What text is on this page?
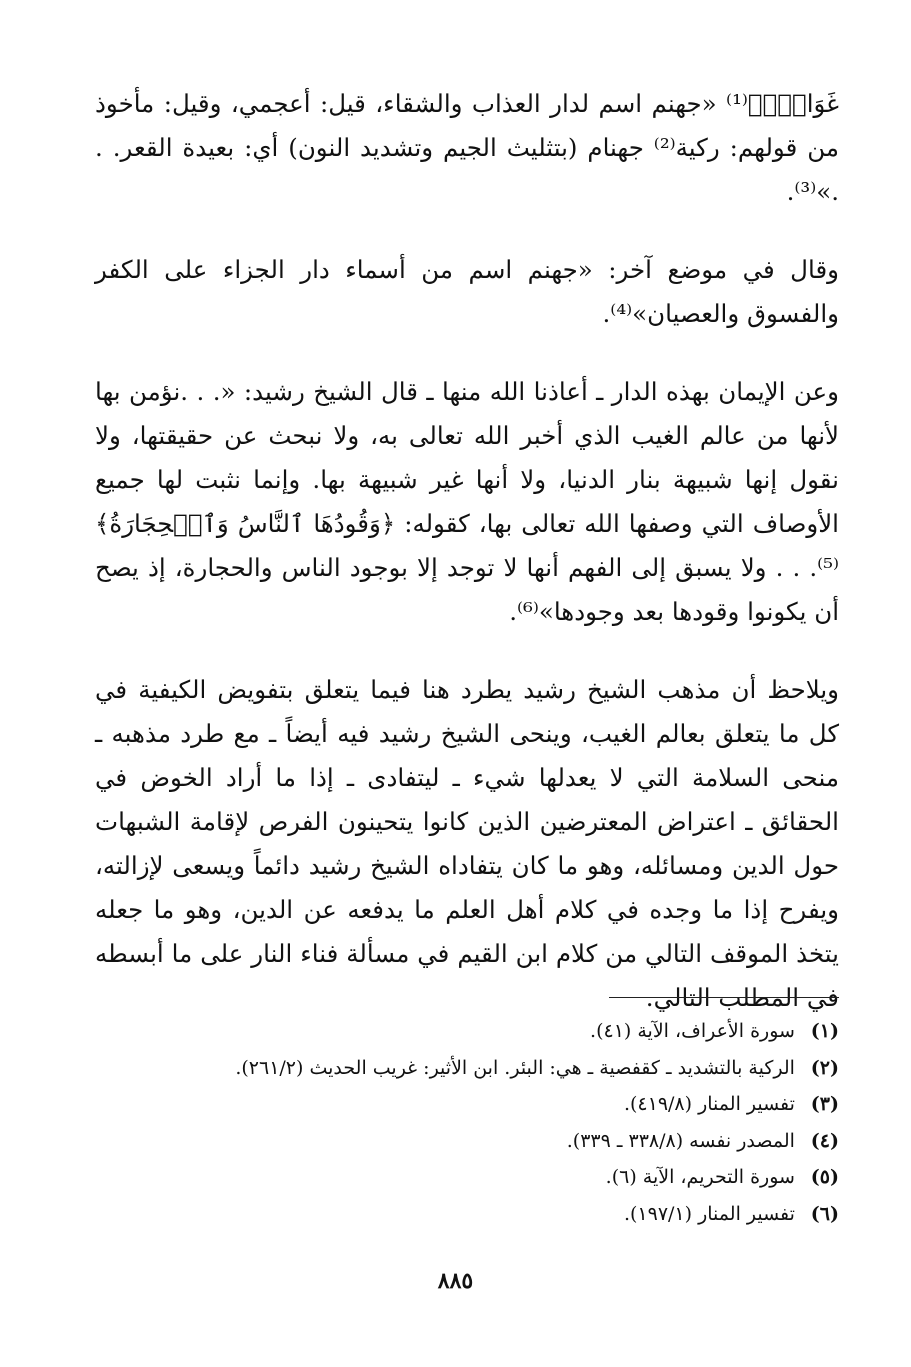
غَوَاشٍۚ﴾⁽¹⁾ «جهنم اسم لدار العذاب والشقاء، قيل: أعجمي، وقيل: مأخوذ من قولهم: ركية⁽²⁾ جهنام (بتثليث الجيم وتشديد النون) أي: بعيدة القعر. . .»⁽³⁾.

وقال في موضع آخر: «جهنم اسم من أسماء دار الجزاء على الكفر والفسوق والعصيان»⁽⁴⁾.

وعن الإيمان بهذه الدار ـ أعاذنا الله منها ـ قال الشيخ رشيد: «. . .نؤمن بها لأنها من عالم الغيب الذي أخبر الله تعالى به، ولا نبحث عن حقيقتها، ولا نقول إنها شبيهة بنار الدنيا، ولا أنها غير شبيهة بها. وإنما نثبت لها جميع الأوصاف التي وصفها الله تعالى بها، كقوله: ﴿وَقُودُهَا ٱلنَّاسُ وَٱلۡحِجَارَةُ﴾⁽⁵⁾. . . ولا يسبق إلى الفهم أنها لا توجد إلا بوجود الناس والحجارة، إذ يصح أن يكونوا وقودها بعد وجودها»⁽⁶⁾.

ويلاحظ أن مذهب الشيخ رشيد يطرد هنا فيما يتعلق بتفويض الكيفية في كل ما يتعلق بعالم الغيب، وينحى الشيخ رشيد فيه أيضاً ـ مع طرد مذهبه ـ منحى السلامة التي لا يعدلها شيء ـ ليتفادى ـ إذا ما أراد الخوض في الحقائق ـ اعتراض المعترضين الذين كانوا يتحينون الفرص لإقامة الشبهات حول الدين ومسائله، وهو ما كان يتفاداه الشيخ رشيد دائماً ويسعى لإزالته، ويفرح إذا ما وجده في كلام أهل العلم ما يدفعه عن الدين، وهو ما جعله يتخذ الموقف التالي من كلام ابن القيم في مسألة فناء النار على ما أبسطه في المطلب التالي.

(١) سورة الأعراف، الآية (٤١).
(٢) الركية بالتشديد ـ كقفصية ـ هي: البئر. ابن الأثير: غريب الحديث (٢٦١/٢).
(٣) تفسير المنار (٤١٩/٨).
(٤) المصدر نفسه (٣٣٨/٨ ـ ٣٣٩).
(٥) سورة التحريم، الآية (٦).
(٦) تفسير المنار (١٩٧/١).
٨٨٥
